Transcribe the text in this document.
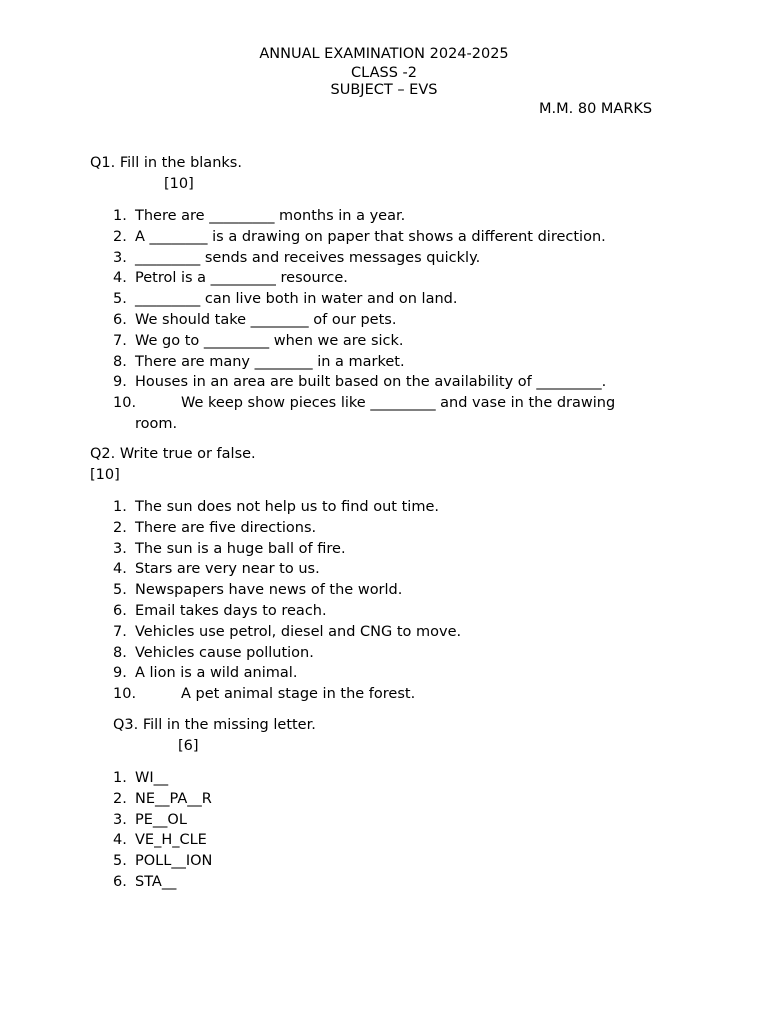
ANNUAL EXAMINATION 2024-2025
CLASS -2
SUBJECT – EVS
M.M. 80 MARKS
Q1. Fill in the blanks.
[10]
1. There are _________ months in a year.
2. A ________ is a drawing on paper that shows a different direction.
3. _________ sends and receives messages quickly.
4. Petrol is a _________ resource.
5. _________ can live both in water and on land.
6. We should take ________ of our pets.
7. We go to _________ when we are sick.
8. There are many ________ in a market.
9. Houses in an area are built based on the availability of _________.
10.	We keep show pieces like _________ and vase in the drawing
room.
Q2. Write true or false.
[10]
1. The sun does not help us to find out time.
2. There are five directions.
3. The sun is a huge ball of fire.
4. Stars are very near to us.
5. Newspapers have news of the world.
6. Email takes days to reach.
7. Vehicles use petrol, diesel and CNG to move.
8. Vehicles cause pollution.
9. A lion is a wild animal.
10.	A pet animal stage in the forest.
Q3. Fill in the missing letter.
[6]
1. WI__
2. NE__PA__R
3. PE__OL
4. VE_H_CLE
5. POLL__ION
6. STA__
